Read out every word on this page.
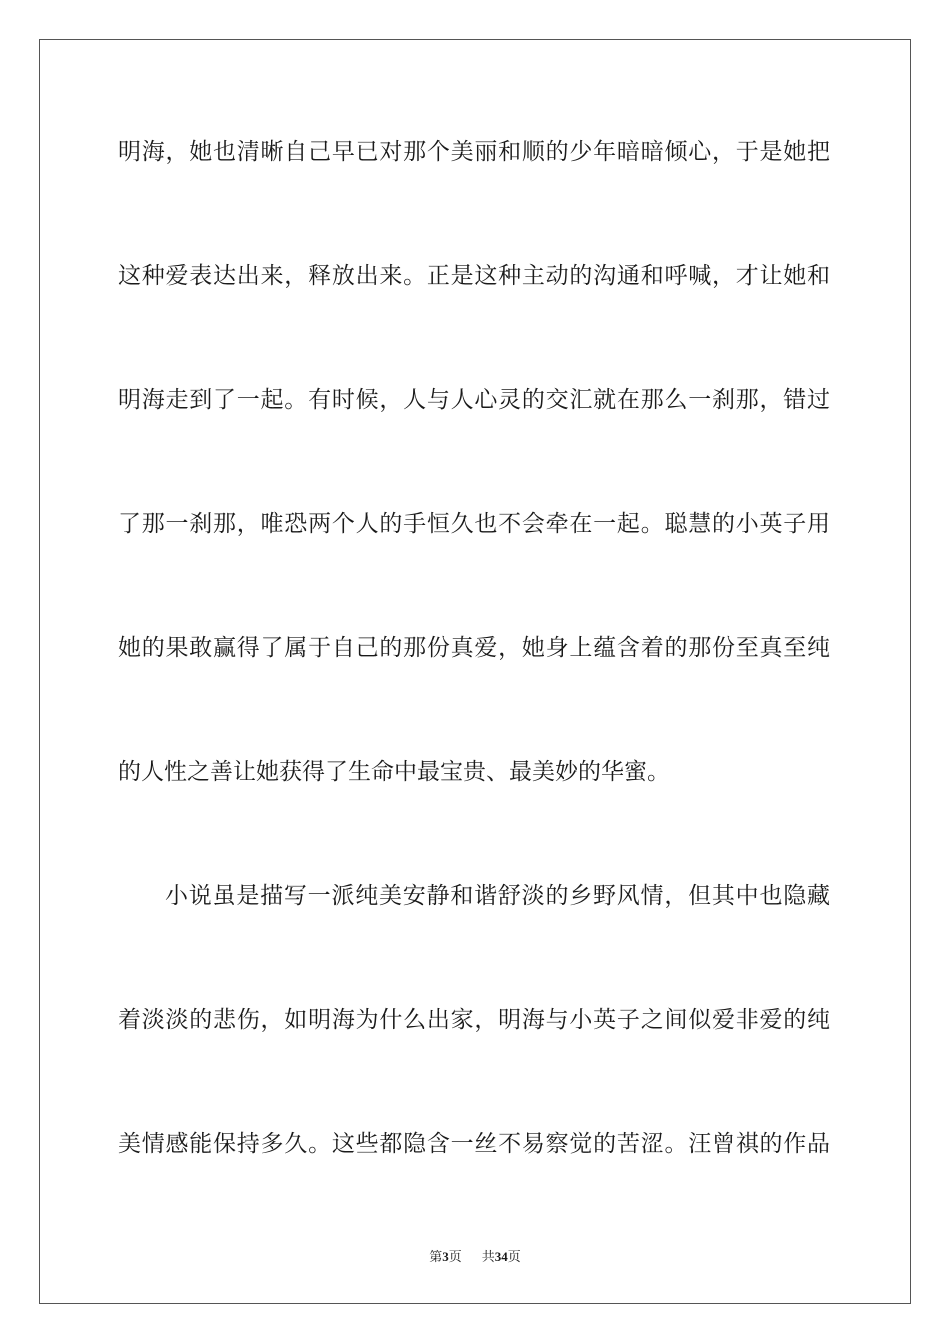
明海，她也清晰自己早已对那个美丽和顺的少年暗暗倾心，于是她把
这种爱表达出来，释放出来。正是这种主动的沟通和呼喊，才让她和
明海走到了一起。有时候，人与人心灵的交汇就在那么一刹那，错过
了那一刹那，唯恐两个人的手恒久也不会牵在一起。聪慧的小英子用
她的果敢赢得了属于自己的那份真爱，她身上蕴含着的那份至真至纯
的人性之善让她获得了生命中最宝贵、最美妙的华蜜。
小说虽是描写一派纯美安静和谐舒淡的乡野风情，但其中也隐藏
着淡淡的悲伤，如明海为什么出家，明海与小英子之间似爱非爱的纯
美情感能保持多久。这些都隐含一丝不易察觉的苦涩。汪曾祺的作品
第3页 共34页
